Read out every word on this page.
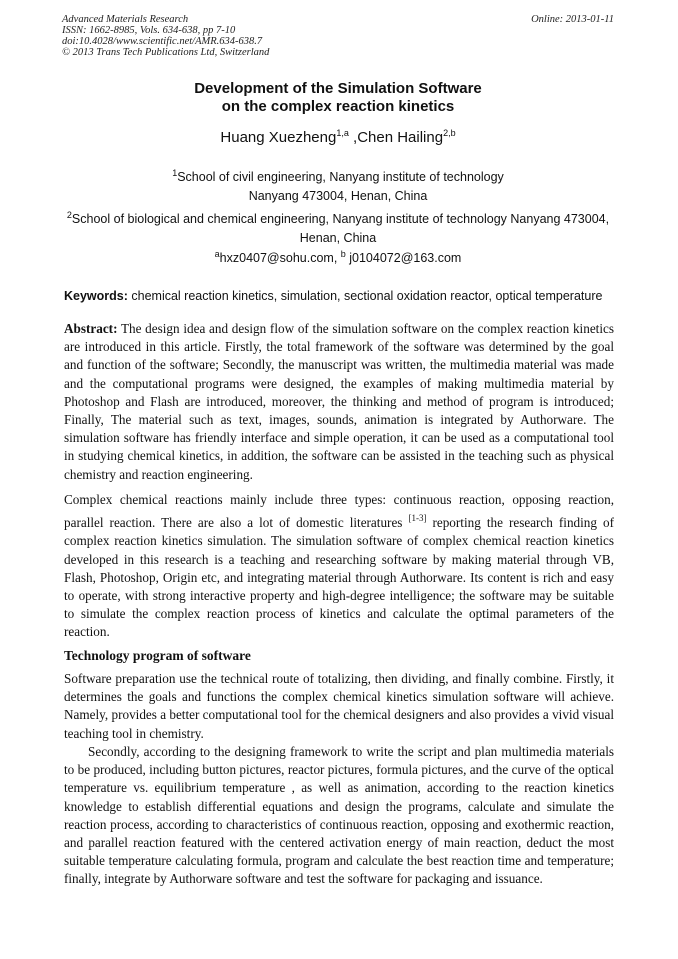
Advanced Materials Research
ISSN: 1662-8985, Vols. 634-638, pp 7-10
doi:10.4028/www.scientific.net/AMR.634-638.7
© 2013 Trans Tech Publications Ltd, Switzerland
Online: 2013-01-11
Development of the Simulation Software
on the complex reaction kinetics
Huang Xuezheng$^{1,a}$ ,Chen Hailing$^{2,b}$
$^1$School of civil engineering, Nanyang institute of technology
Nanyang 473004, Henan, China
$^2$School of biological and chemical engineering, Nanyang institute of technology Nanyang 473004,
Henan, China
$^a$hxz0407@sohu.com, $^b$ j0104072@163.com
Keywords: chemical reaction kinetics, simulation, sectional oxidation reactor, optical temperature
Abstract: The design idea and design flow of the simulation software on the complex reaction kinetics are introduced in this article. Firstly, the total framework of the software was determined by the goal and function of the software; Secondly, the manuscript was written, the multimedia material was made and the computational programs were designed, the examples of making multimedia material by Photoshop and Flash are introduced, moreover, the thinking and method of program is introduced; Finally, The material such as text, images, sounds, animation is integrated by Authorware. The simulation software has friendly interface and simple operation, it can be used as a computational tool in studying chemical kinetics, in addition, the software can be assisted in the teaching such as physical chemistry and reaction engineering.
Complex chemical reactions mainly include three types: continuous reaction, opposing reaction, parallel reaction. There are also a lot of domestic literatures [1-3] reporting the research finding of complex reaction kinetics simulation. The simulation software of complex chemical reaction kinetics developed in this research is a teaching and researching software by making material through VB, Flash, Photoshop, Origin etc, and integrating material through Authorware. Its content is rich and easy to operate, with strong interactive property and high-degree intelligence; the software may be suitable to simulate the complex reaction process of kinetics and calculate the optimal parameters of the reaction.
Technology program of software
Software preparation use the technical route of totalizing, then dividing, and finally combine. Firstly, it determines the goals and functions the complex chemical kinetics simulation software will achieve. Namely, provides a better computational tool for the chemical designers and also provides a vivid visual teaching tool in chemistry.
Secondly, according to the designing framework to write the script and plan multimedia materials to be produced, including button pictures, reactor pictures, formula pictures, and the curve of the optical temperature vs. equilibrium temperature , as well as animation, according to the reaction kinetics knowledge to establish differential equations and design the programs, calculate and simulate the reaction process, according to characteristics of continuous reaction, opposing and exothermic reaction, and parallel reaction featured with the centered activation energy of main reaction, deduct the most suitable temperature calculating formula, program and calculate the best reaction time and temperature; finally, integrate by Authorware software and test the software for packaging and issuance.
